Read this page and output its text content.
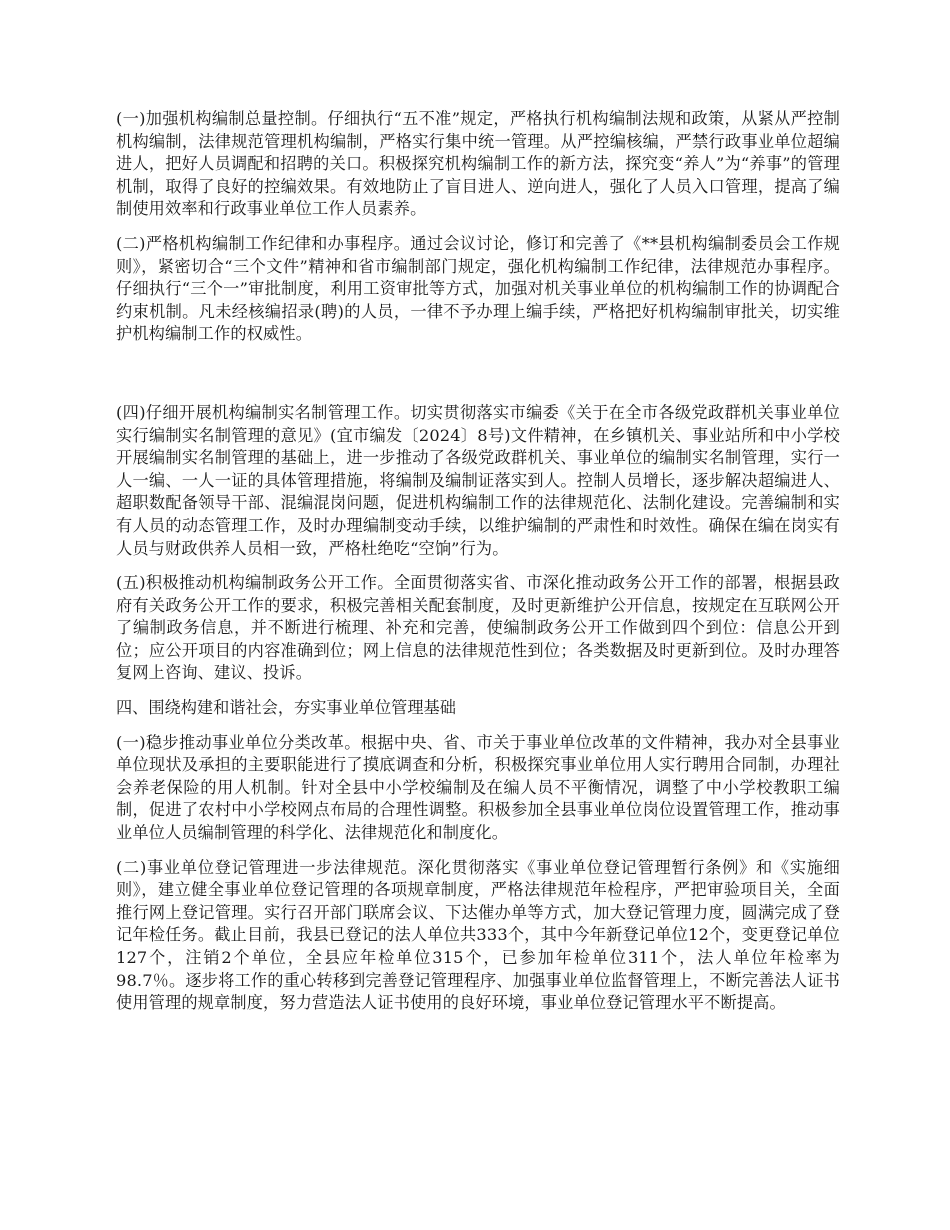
(一)加强机构编制总量控制。仔细执行“五不准”规定，严格执行机构编制法规和政策，从紧从严控制机构编制，法律规范管理机构编制，严格实行集中统一管理。从严控编核编，严禁行政事业单位超编进人，把好人员调配和招聘的关口。积极探究机构编制工作的新方法，探究变“养人”为“养事”的管理机制，取得了良好的控编效果。有效地防止了盲目进人、逆向进人，强化了人员入口管理，提高了编制使用效率和行政事业单位工作人员素养。

(二)严格机构编制工作纪律和办事程序。通过会议讨论，修订和完善了《**县机构编制委员会工作规则》，紧密切合“三个文件”精神和省市编制部门规定，强化机构编制工作纪律，法律规范办事程序。仔细执行“三个一”审批制度，利用工资审批等方式，加强对机关事业单位的机构编制工作的协调配合约束机制。凡未经核编招录(聘)的人员，一律不予办理上编手续，严格把好机构编制审批关，切实维护机构编制工作的权威性。

(四)仔细开展机构编制实名制管理工作。切实贯彻落实市编委《关于在全市各级党政群机关事业单位实行编制实名制管理的意见》(宜市编发〔2024〕8号)文件精神，在乡镇机关、事业站所和中小学校开展编制实名制管理的基础上，进一步推动了各级党政群机关、事业单位的编制实名制管理，实行一人一编、一人一证的具体管理措施，将编制及编制证落实到人。控制人员增长，逐步解决超编进人、超职数配备领导干部、混编混岗问题，促进机构编制工作的法律规范化、法制化建设。完善编制和实有人员的动态管理工作，及时办理编制变动手续，以维护编制的严肃性和时效性。确保在编在岗实有人员与财政供养人员相一致，严格杜绝吃“空饷”行为。

(五)积极推动机构编制政务公开工作。全面贯彻落实省、市深化推动政务公开工作的部署，根据县政府有关政务公开工作的要求，积极完善相关配套制度，及时更新维护公开信息，按规定在互联网公开了编制政务信息，并不断进行梳理、补充和完善，使编制政务公开工作做到四个到位：信息公开到位；应公开项目的内容准确到位；网上信息的法律规范性到位；各类数据及时更新到位。及时办理答复网上咨询、建议、投诉。

四、围绕构建和谐社会，夯实事业单位管理基础

(一)稳步推动事业单位分类改革。根据中央、省、市关于事业单位改革的文件精神，我办对全县事业单位现状及承担的主要职能进行了摸底调查和分析，积极探究事业单位用人实行聘用合同制，办理社会养老保险的用人机制。针对全县中小学校编制及在编人员不平衡情况，调整了中小学校教职工编制，促进了农村中小学校网点布局的合理性调整。积极参加全县事业单位岗位设置管理工作，推动事业单位人员编制管理的科学化、法律规范化和制度化。

(二)事业单位登记管理进一步法律规范。深化贯彻落实《事业单位登记管理暂行条例》和《实施细则》，建立健全事业单位登记管理的各项规章制度，严格法律规范年检程序，严把审验项目关，全面推行网上登记管理。实行召开部门联席会议、下达催办单等方式，加大登记管理力度，圆满完成了登记年检任务。截止目前，我县已登记的法人单位共333个，其中今年新登记单位12个，变更登记单位127个，注销2个单位，全县应年检单位315个，已参加年检单位311个，法人单位年检率为98.7％。逐步将工作的重心转移到完善登记管理程序、加强事业单位监督管理上，不断完善法人证书使用管理的规章制度，努力营造法人证书使用的良好环境，事业单位登记管理水平不断提高。
